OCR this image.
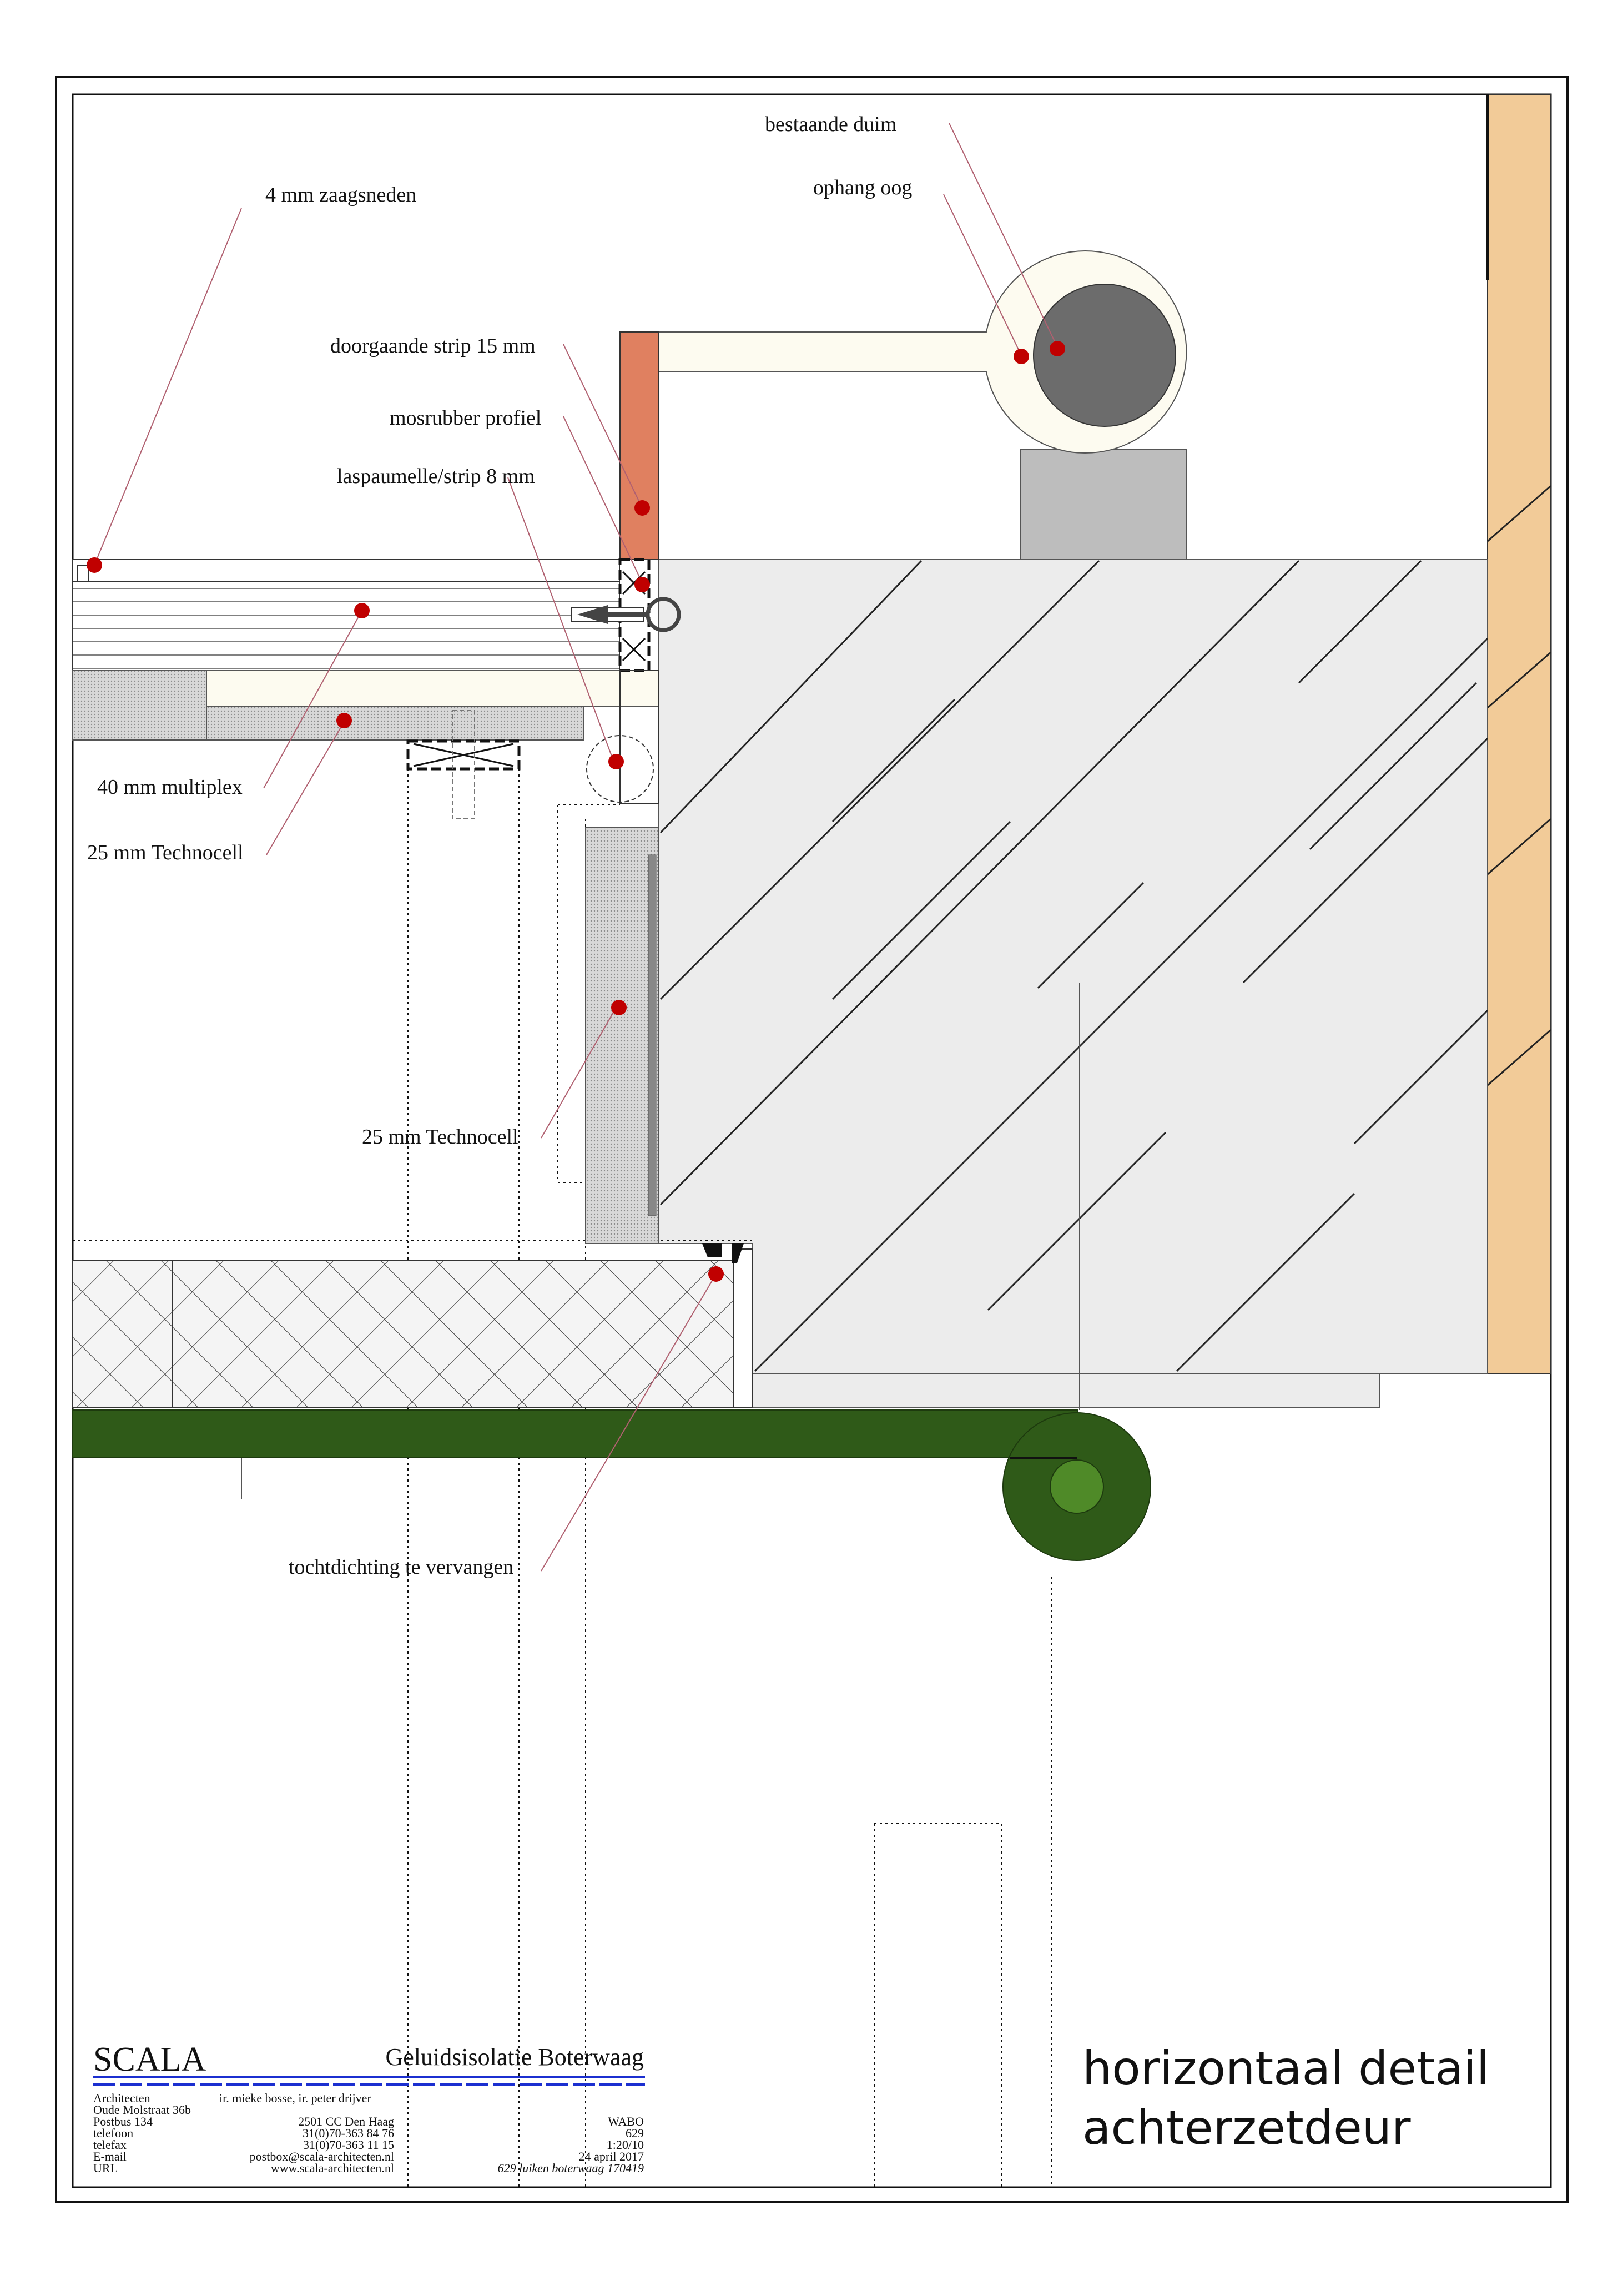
bestaande duim
ophang oog
4 mm zaagsneden
doorgaande strip 15 mm
mosrubber profiel
laspaumelle/strip 8 mm
40 mm multiplex
25 mm Technocell
25 mm Technocell
tochtdichting te vervangen
SCALA	Geluidsisolatie Boterwaag
Architecten
Oude Molstraat 36b
Postbus 134
telefoon
telefax
E-mail
URL
ir. mieke bosse, ir. peter drijver
2501 CC Den Haag
31(0)70-363 84 76
31(0)70-363 11 15
postbox@scala-architecten.nl
www.scala-architecten.nl
WABO
629
1:20/10
24 april 2017
629 luiken boterwaag 170419
horizontaal detail
achterzetdeur
